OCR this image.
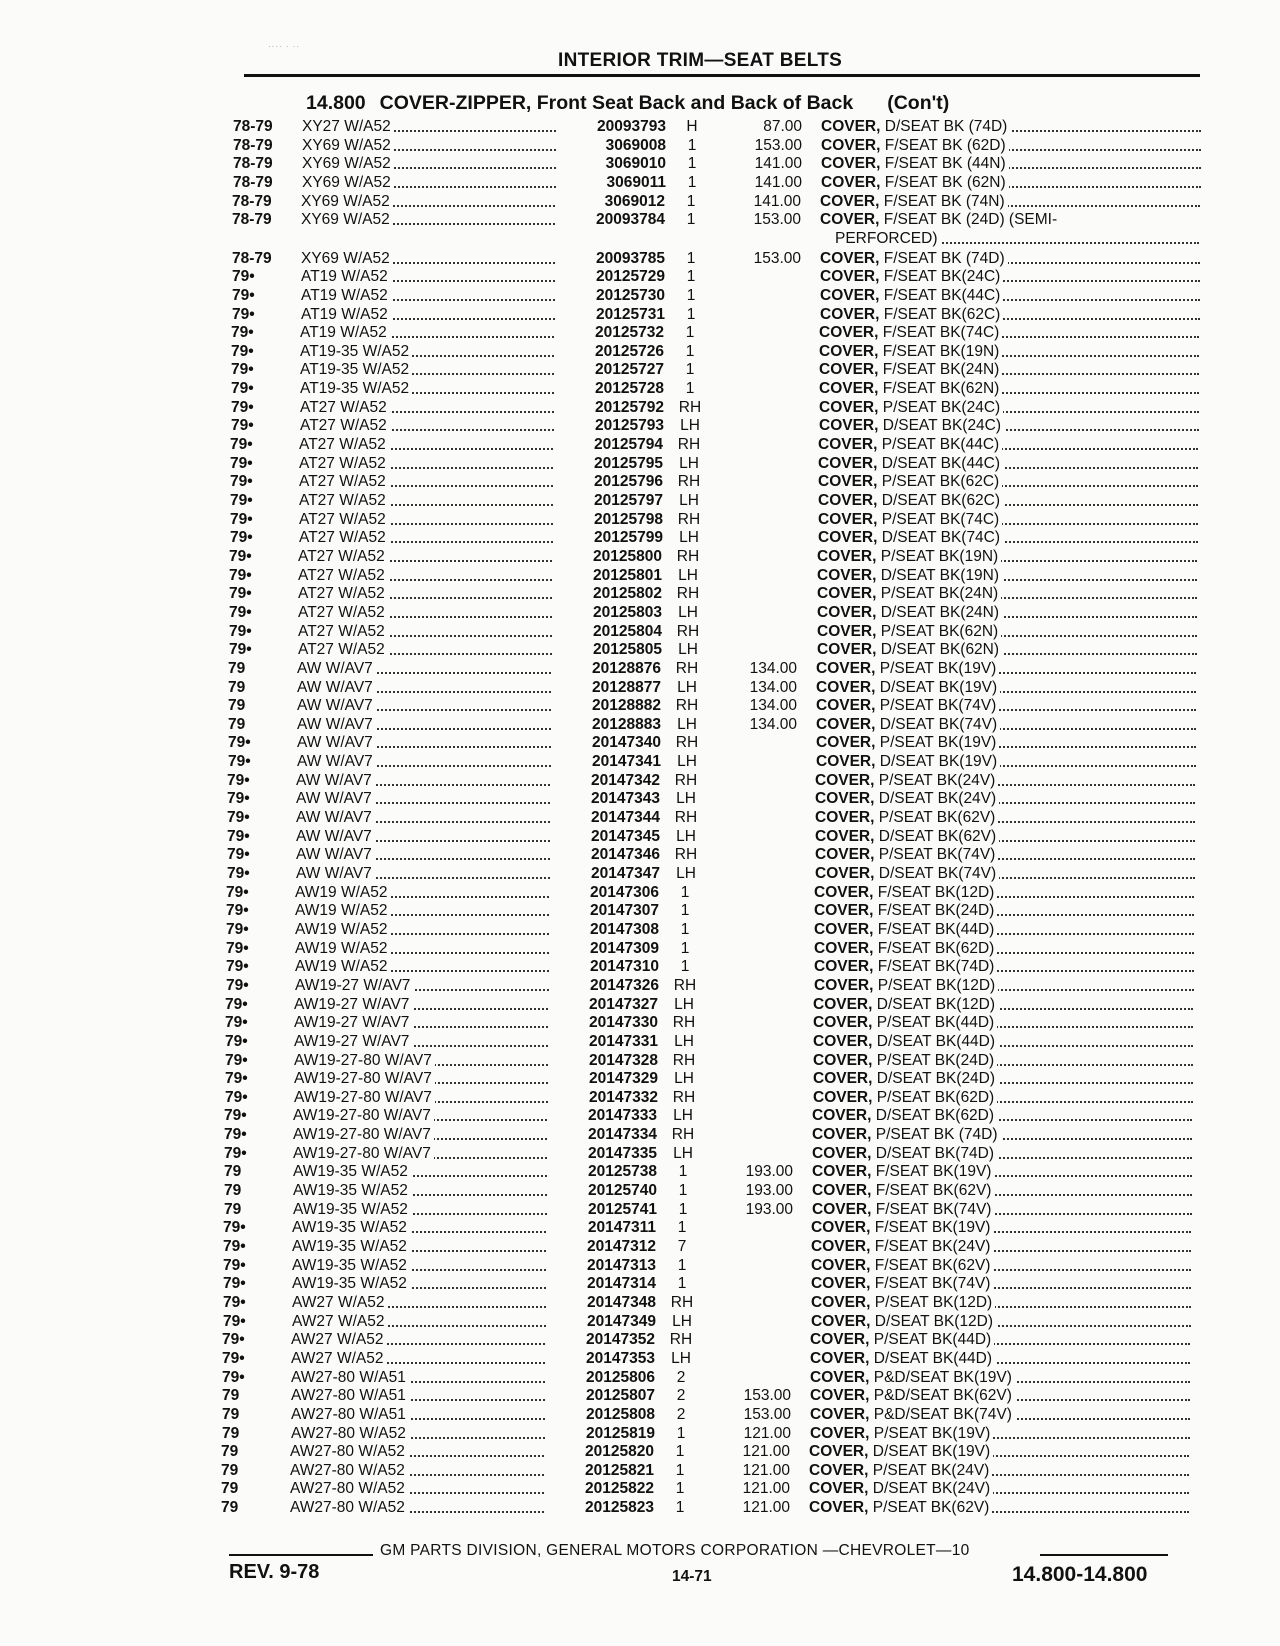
···· · ··
INTERIOR TRIM—SEAT BELTS
14.800 COVER-ZIPPER, Front Seat Back and Back of Back (Con't)
78-79	XY27 W/A52	20093793	H	87.00 COVER, D/SEAT BK (74D)
78-79	XY69 W/A52	3069008	1	153.00 COVER, F/SEAT BK (62D)
78-79	XY69 W/A52	3069010	1	141.00 COVER, F/SEAT BK (44N)
78-79	XY69 W/A52	3069011	1	141.00 COVER, F/SEAT BK (62N)
78-79	XY69 W/A52	3069012	1	141.00 COVER, F/SEAT BK (74N)
78-79	XY69 W/A52	20093784	1	153.00 COVER, F/SEAT BK (24D) (SEMI-
PERFORCED)
78-79	XY69 W/A52	20093785	1	153.00 COVER, F/SEAT BK (74D)
79•	AT19 W/A52	20125729	1	COVER, F/SEAT BK(24C)
79•	AT19 W/A52	20125730	1	COVER, F/SEAT BK(44C)
79•	AT19 W/A52	20125731	1	COVER, F/SEAT BK(62C)
79•	AT19 W/A52	20125732	1	COVER, F/SEAT BK(74C)
79•	AT19-35 W/A52	20125726	1	COVER, F/SEAT BK(19N)
79•	AT19-35 W/A52	20125727	1	COVER, F/SEAT BK(24N)
79•	AT19-35 W/A52	20125728	1	COVER, F/SEAT BK(62N)
79•	AT27 W/A52	20125792 RH	COVER, P/SEAT BK(24C)
79•	AT27 W/A52	20125793	LH	COVER, D/SEAT BK(24C)
79•	AT27 W/A52	20125794 RH	COVER, P/SEAT BK(44C)
79•	AT27 W/A52	20125795	LH	COVER, D/SEAT BK(44C)
79•	AT27 W/A52	20125796 RH	COVER, P/SEAT BK(62C)
79•	AT27 W/A52	20125797	LH	COVER, D/SEAT BK(62C)
79•	AT27 W/A52	20125798 RH	COVER, P/SEAT BK(74C)
79•	AT27 W/A52	20125799	LH	COVER, D/SEAT BK(74C)
79•	AT27 W/A52	20125800 RH	COVER, P/SEAT BK(19N)
79•	AT27 W/A52	20125801	LH	COVER, D/SEAT BK(19N)
79•	AT27 W/A52	20125802 RH	COVER, P/SEAT BK(24N)
79•	AT27 W/A52	20125803	LH	COVER, D/SEAT BK(24N)
79•	AT27 W/A52	20125804 RH	COVER, P/SEAT BK(62N)
79•	AT27 W/A52	20125805	LH	COVER, D/SEAT BK(62N)
79	AW W/AV7	20128876 RH	134.00 COVER, P/SEAT BK(19V)
79	AW W/AV7	20128877	LH	134.00 COVER, D/SEAT BK(19V)
79	AW W/AV7	20128882 RH	134.00 COVER, P/SEAT BK(74V)
79	AW W/AV7	20128883	LH	134.00 COVER, D/SEAT BK(74V)
79•	AW W/AV7	20147340 RH	COVER, P/SEAT BK(19V)
79•	AW W/AV7	20147341	LH	COVER, D/SEAT BK(19V)
79•	AW W/AV7	20147342 RH	COVER, P/SEAT BK(24V)
79•	AW W/AV7	20147343	LH	COVER, D/SEAT BK(24V)
79•	AW W/AV7	20147344 RH	COVER, P/SEAT BK(62V)
79•	AW W/AV7	20147345	LH	COVER, D/SEAT BK(62V)
79•	AW W/AV7	20147346 RH	COVER, P/SEAT BK(74V)
79•	AW W/AV7	20147347	LH	COVER, D/SEAT BK(74V)
79•	AW19 W/A52	20147306	1	COVER, F/SEAT BK(12D)
79•	AW19 W/A52	20147307	1	COVER, F/SEAT BK(24D)
79•	AW19 W/A52	20147308	1	COVER, F/SEAT BK(44D)
79•	AW19 W/A52	20147309	1	COVER, F/SEAT BK(62D)
79•	AW19 W/A52	20147310	1	COVER, F/SEAT BK(74D)
79•	AW19-27 W/AV7	20147326 RH	COVER, P/SEAT BK(12D)
79•	AW19-27 W/AV7	20147327	LH	COVER, D/SEAT BK(12D)
79•	AW19-27 W/AV7	20147330 RH	COVER, P/SEAT BK(44D)
79•	AW19-27 W/AV7	20147331	LH	COVER, D/SEAT BK(44D)
79•	AW19-27-80 W/AV7	20147328 RH	COVER, P/SEAT BK(24D)
79•	AW19-27-80 W/AV7	20147329	LH	COVER, D/SEAT BK(24D)
79•	AW19-27-80 W/AV7	20147332 RH	COVER, P/SEAT BK(62D)
79•	AW19-27-80 W/AV7	20147333	LH	COVER, D/SEAT BK(62D)
79•	AW19-27-80 W/AV7	20147334 RH	COVER, P/SEAT BK (74D)
79•	AW19-27-80 W/AV7	20147335	LH	COVER, D/SEAT BK(74D)
79	AW19-35 W/A52	20125738	1	193.00 COVER, F/SEAT BK(19V)
79	AW19-35 W/A52	20125740	1	193.00 COVER, F/SEAT BK(62V)
79	AW19-35 W/A52	20125741	1	193.00 COVER, F/SEAT BK(74V)
79•	AW19-35 W/A52	20147311	1	COVER, F/SEAT BK(19V)
79•	AW19-35 W/A52	20147312	7	COVER, F/SEAT BK(24V)
79•	AW19-35 W/A52	20147313	1	COVER, F/SEAT BK(62V)
79•	AW19-35 W/A52	20147314	1	COVER, F/SEAT BK(74V)
79•	AW27 W/A52	20147348 RH	COVER, P/SEAT BK(12D)
79•	AW27 W/A52	20147349	LH	COVER, D/SEAT BK(12D)
79•	AW27 W/A52	20147352 RH	COVER, P/SEAT BK(44D)
79•	AW27 W/A52	20147353	LH	COVER, D/SEAT BK(44D)
79•	AW27-80 W/A51	20125806	2	COVER, P&D/SEAT BK(19V)
79	AW27-80 W/A51	20125807	2	153.00 COVER, P&D/SEAT BK(62V)
79	AW27-80 W/A51	20125808	2	153.00 COVER, P&D/SEAT BK(74V)
79	AW27-80 W/A52	20125819	1	121.00 COVER, P/SEAT BK(19V)
79	AW27-80 W/A52	20125820	1	121.00 COVER, D/SEAT BK(19V)
79	AW27-80 W/A52	20125821	1	121.00 COVER, P/SEAT BK(24V)
79	AW27-80 W/A52	20125822	1	121.00 COVER, D/SEAT BK(24V)
79	AW27-80 W/A52	20125823	1	121.00 COVER, P/SEAT BK(62V)
GM PARTS DIVISION, GENERAL MOTORS CORPORATION —CHEVROLET—10
REV. 9-78	14-71	14.800-14.800
